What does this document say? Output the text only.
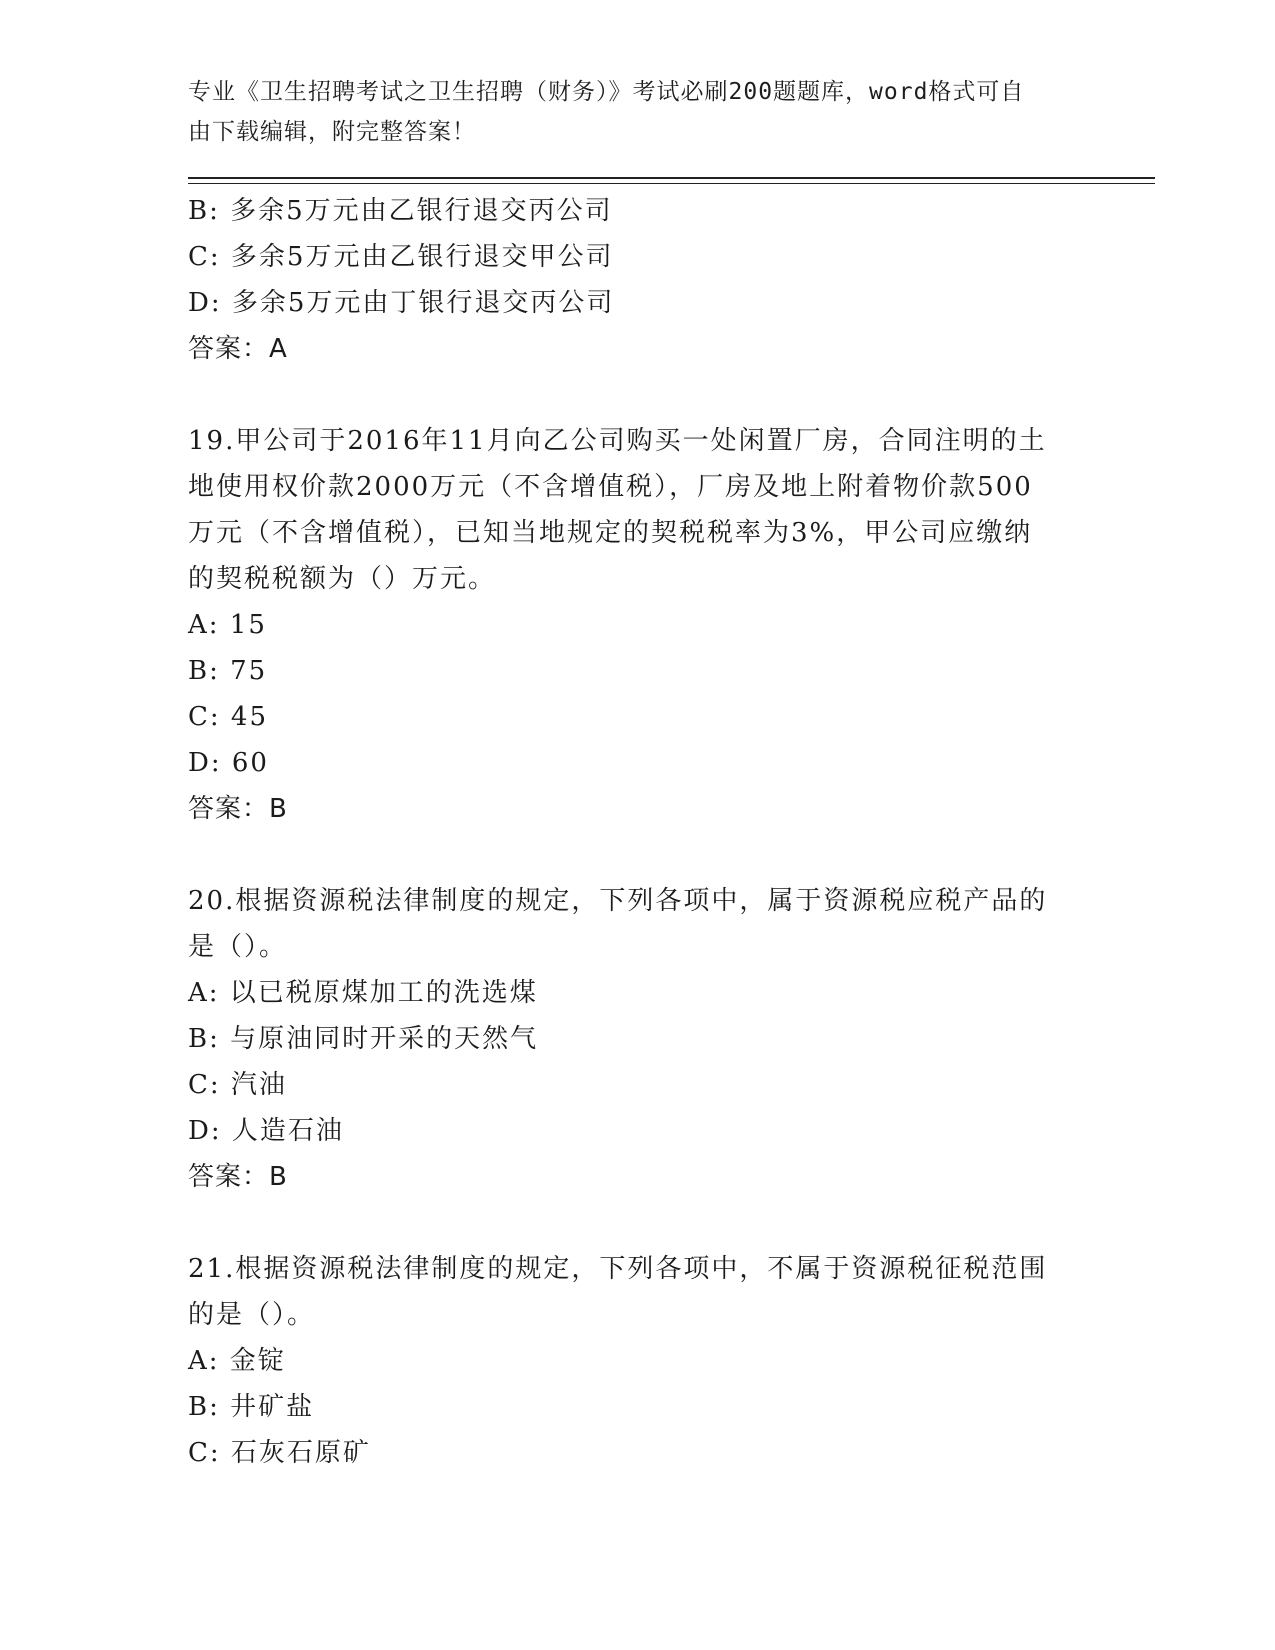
专业《卫生招聘考试之卫生招聘（财务）》考试必刷200题题库，word格式可自
由下载编辑，附完整答案！
B: 多余5万元由乙银行退交丙公司
C: 多余5万元由乙银行退交甲公司
D: 多余5万元由丁银行退交丙公司
答案：A
19.甲公司于2016年11月向乙公司购买一处闲置厂房，合同注明的土
地使用权价款2000万元（不含增值税），厂房及地上附着物价款500
万元（不含增值税），已知当地规定的契税税率为3%，甲公司应缴纳
的契税税额为（）万元。
A: 15
B: 75
C: 45
D: 60
答案：B
20.根据资源税法律制度的规定，下列各项中，属于资源税应税产品的
是（）。
A: 以已税原煤加工的洗选煤
B: 与原油同时开采的天然气
C: 汽油
D: 人造石油
答案：B
21.根据资源税法律制度的规定，下列各项中，不属于资源税征税范围
的是（）。
A: 金锭
B: 井矿盐
C: 石灰石原矿
